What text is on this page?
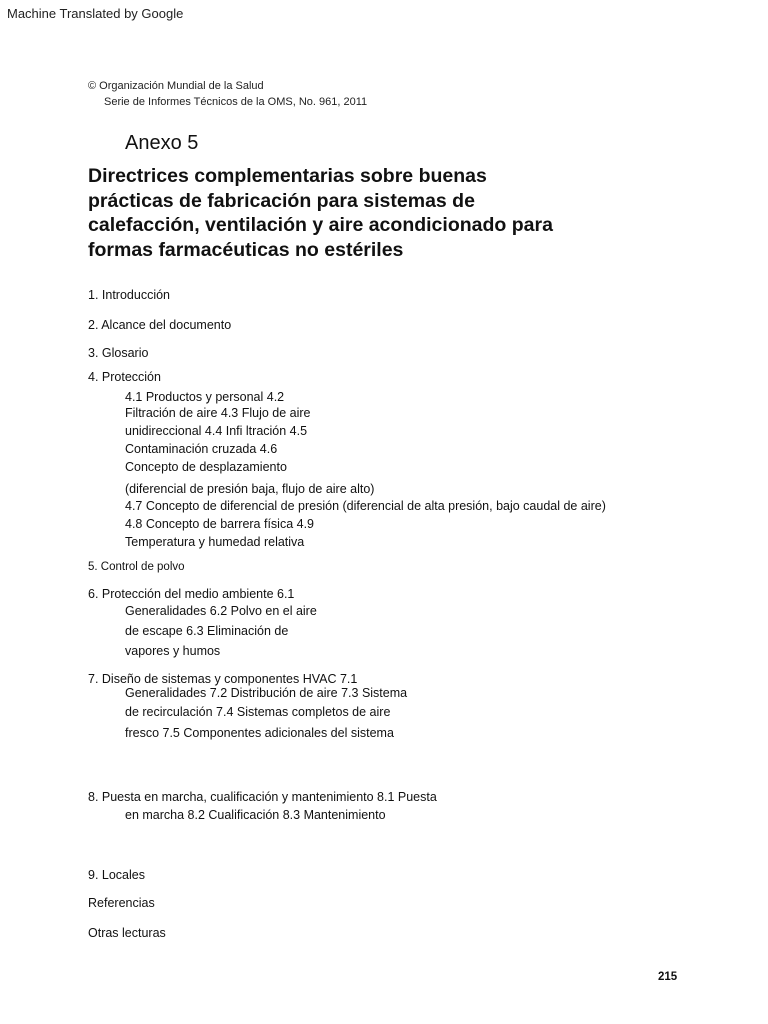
Machine Translated by Google
© Organización Mundial de la Salud
Serie de Informes Técnicos de la OMS, No. 961, 2011
Anexo 5
Directrices complementarias sobre buenas
prácticas de fabricación para sistemas de
calefacción, ventilación y aire acondicionado para
formas farmacéuticas no estériles
1. Introducción
2. Alcance del documento
3. Glosario
4. Protección
4.1 Productos y personal 4.2
Filtración de aire 4.3 Flujo de aire
unidireccional 4.4 Infi ltración 4.5
Contaminación cruzada 4.6
Concepto de desplazamiento
(diferencial de presión baja, flujo de aire alto)
4.7 Concepto de diferencial de presión (diferencial de alta presión, bajo caudal de aire)
4.8 Concepto de barrera física 4.9
Temperatura y humedad relativa
5. Control de polvo
6. Protección del medio ambiente 6.1
Generalidades 6.2 Polvo en el aire
de escape 6.3 Eliminación de
vapores y humos
7. Diseño de sistemas y componentes HVAC 7.1
Generalidades 7.2 Distribución de aire 7.3 Sistema
de recirculación 7.4 Sistemas completos de aire
fresco 7.5 Componentes adicionales del sistema
8. Puesta en marcha, cualificación y mantenimiento 8.1 Puesta
en marcha 8.2 Cualificación 8.3 Mantenimiento
9. Locales
Referencias
Otras lecturas
215
